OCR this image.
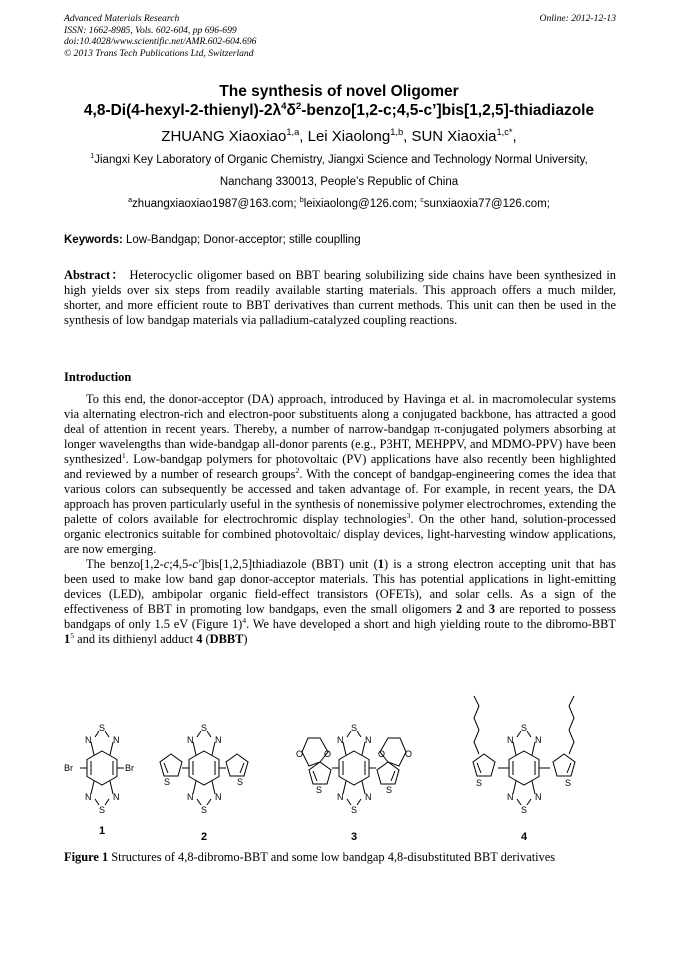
Advanced Materials Research
ISSN: 1662-8985, Vols. 602-604, pp 696-699
doi:10.4028/www.scientific.net/AMR.602-604.696
© 2013 Trans Tech Publications Ltd, Switzerland
Online: 2012-12-13
The synthesis of novel Oligomer
$4,8-Di(4-hexyl-2-thienyl)-2\lambda^4\delta^2-benzo[1,2-c;4,5-c’]bis[1,2,5]$-thiadiazole
ZHUANG Xiaoxiao$^{1,a}$, Lei Xiaolong$^{1,b}$, SUN Xiaoxia$^{1,c*}$,
$^1$Jiangxi Key Laboratory of Organic Chemistry, Jiangxi Science and Technology Normal University,
Nanchang 330013, People’s Republic of China
$^a$zhuangxiaoxiao1987@163.com; $^b$leixiaolong@126.com; $^c$sunxiaoxia77@126.com;
Keywords: Low-Bandgap; Donor-acceptor; stille couplling

Abstract： Heterocyclic oligomer based on BBT bearing solubilizing side chains have been synthesized in high yields over six steps from readily available starting materials. This approach offers a much milder, shorter, and more efficient route to BBT derivatives than current methods. This unit can then be used in the synthesis of low bandgap materials via palladium-catalyzed coupling reactions.

Introduction

To this end, the donor-acceptor (DA) approach, introduced by Havinga et al. in macromolecular systems via alternating electron-rich and electron-poor substituents along a conjugated backbone, has attracted a good deal of attention in recent years. Thereby, a number of narrow-bandgap π-conjugated polymers absorbing at longer wavelengths than wide-bandgap all-donor parents (e.g., P3HT, MEHPPV, and MDMO-PPV) have been synthesized$^1$. Low-bandgap polymers for photovoltaic (PV) applications have also recently been highlighted and reviewed by a number of research groups$^2$. With the concept of bandgap-engineering comes the idea that various colors can subsequently be accessed and taken advantage of. For example, in recent years, the DA approach has proven particularly useful in the synthesis of nonemissive polymer electrochromes, extending the palette of colors available for electrochromic display technologies$^3$. On the other hand, solution-processed organic electronics suitable for combined photovoltaic/ display devices, light-harvesting window applications, are now emerging.

The benzo[1,2-c;4,5-c′]bis[1,2,5]thiadiazole (BBT) unit (1) is a strong electron accepting unit that has been used to make low band gap donor-acceptor materials. This has potential applications in light-emitting devices (LED), ambipolar organic field-effect transistors (OFETs), and solar cells. As a sign of the effectiveness of BBT in promoting low bandgaps, even the small oligomers 2 and 3 are reported to possess bandgaps of only 1.5 eV (Figure 1)$^4$. We have developed a short and high yielding route to the dibromo-BBT $1^5$ and its dithienyl adduct 4 (DBBT)

N N
S
N N
S
Br	Br
N N
S
N N
S
S	S
N N
S
N N
S
S	S
O O	O O
N N
S
N N
S
S	S
1	2	3	4
Figure 1 Structures of 4,8-dibromo-BBT and some low bandgap 4,8-disubstituted BBT derivatives
